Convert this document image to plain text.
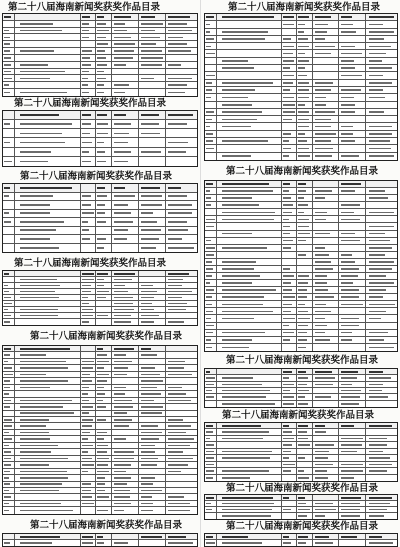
第二十八届海南新闻奖获奖作品目录
第二十八届海南新闻奖获奖作品目录
第二十八届海南新闻奖获奖作品目录
第二十八届海南新闻奖获奖作品目录
第二十八届海南新闻奖获奖作品目录
第二十八届海南新闻奖获奖作品目录
第二十八届海南新闻奖获奖作品目录
第二十八届海南新闻奖获奖作品目录
第二十八届海南新闻奖获奖作品目录
第二十八届海南新闻奖获奖作品目录
第二十八届海南新闻奖获奖作品目录
第二十八届海南新闻奖获奖作品目录
